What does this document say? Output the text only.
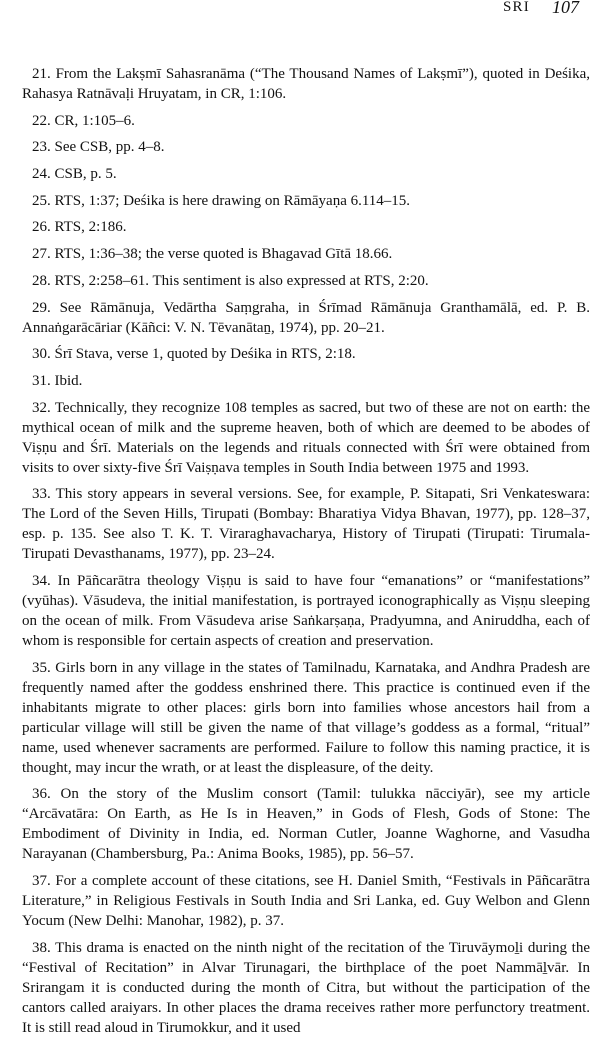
SRI 107

21. From the Lakṣmī Sahasranāma (“The Thousand Names of Lakṣmī”), quoted in Deśika, Rahasya Ratnāvaḷi Hruyatam, in CR, 1:106.

22. CR, 1:105–6.

23. See CSB, pp. 4–8.

24. CSB, p. 5.

25. RTS, 1:37; Deśika is here drawing on Rāmāyaṇa 6.114–15.

26. RTS, 2:186.

27. RTS, 1:36–38; the verse quoted is Bhagavad Gītā 18.66.

28. RTS, 2:258–61. This sentiment is also expressed at RTS, 2:20.

29. See Rāmānuja, Vedārtha Saṃgraha, in Śrīmad Rāmānuja Granthamālā, ed. P. B. Annaṅgarācāriar (Kāñci: V. N. Tēvanātaṉ, 1974), pp. 20–21.

30. Śrī Stava, verse 1, quoted by Deśika in RTS, 2:18.

31. Ibid.

32. Technically, they recognize 108 temples as sacred, but two of these are not on earth: the mythical ocean of milk and the supreme heaven, both of which are deemed to be abodes of Viṣṇu and Śrī. Materials on the legends and rituals connected with Śrī were obtained from visits to over sixty-five Śrī Vaiṣṇava temples in South India between 1975 and 1993.

33. This story appears in several versions. See, for example, P. Sitapati, Sri Venkateswara: The Lord of the Seven Hills, Tirupati (Bombay: Bharatiya Vidya Bhavan, 1977), pp. 128–37, esp. p. 135. See also T. K. T. Viraraghavacharya, History of Tirupati (Tirupati: Tirumala-Tirupati Devasthanams, 1977), pp. 23–24.

34. In Pāñcarātra theology Viṣṇu is said to have four “emanations” or “manifestations” (vyūhas). Vāsudeva, the initial manifestation, is portrayed iconographically as Viṣṇu sleeping on the ocean of milk. From Vāsudeva arise Saṅkarṣaṇa, Pradyumna, and Aniruddha, each of whom is responsible for certain aspects of creation and preservation.

35. Girls born in any village in the states of Tamilnadu, Karnataka, and Andhra Pradesh are frequently named after the goddess enshrined there. This practice is continued even if the inhabitants migrate to other places: girls born into families whose ancestors hail from a particular village will still be given the name of that village’s goddess as a formal, “ritual” name, used whenever sacraments are performed. Failure to follow this naming practice, it is thought, may incur the wrath, or at least the displeasure, of the deity.

36. On the story of the Muslim consort (Tamil: tulukka nācciyār), see my article “Arcāvatāra: On Earth, as He Is in Heaven,” in Gods of Flesh, Gods of Stone: The Embodiment of Divinity in India, ed. Norman Cutler, Joanne Waghorne, and Vasudha Narayanan (Chambersburg, Pa.: Anima Books, 1985), pp. 56–57.

37. For a complete account of these citations, see H. Daniel Smith, “Festivals in Pāñcarātra Literature,” in Religious Festivals in South India and Sri Lanka, ed. Guy Welbon and Glenn Yocum (New Delhi: Manohar, 1982), p. 37.

38. This drama is enacted on the ninth night of the recitation of the Tiruvāymoḻi during the “Festival of Recitation” in Alvar Tirunagari, the birthplace of the poet Nammāḻvār. In Srirangam it is conducted during the month of Citra, but without the participation of the cantors called araiyars. In other places the drama receives rather more perfunctory treatment. It is still read aloud in Tirumokkur, and it used
